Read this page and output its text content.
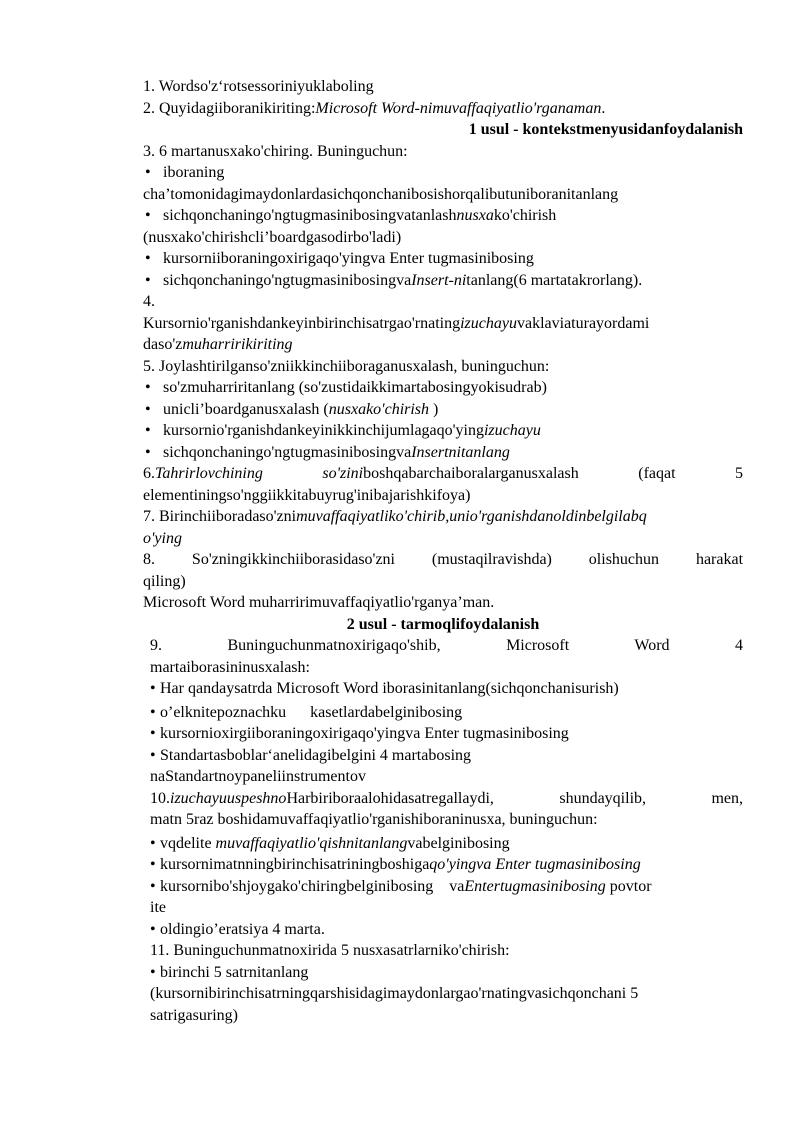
1. Wordso'z‘rotsessoriniyuklaboling

2. Quyidagiiboranikiriting:Microsoft Word-nimuvaffaqiyatlio'rganaman.

1 usul - kontekstmenyusidanfoydalanish

3. 6 martanusxako'chiring. Buninguchun:

• iboraning

cha’tomonidagimaydonlardasichqonchanibosishorqalibutuniboranitanlang

• sichqonchaningo'ngtugmasinibosingvatanlashnusxako'chirish

(nusxako'chirishcli’boardgasodirbo'ladi)

• kursorniiboraningoxirigaqo'yingva Enter tugmasinibosing
• sichqonchaningo'ngtugmasinibosingvaInsert-nitanlang(6 martatakrorlang).

4.

Kursornio'rganishdankeyinbirinchisatrgao'rnatingizuchayuvaklaviaturayordami

daso'zmuharririkiriting

5. Joylashtirilganso'zniikkinchiiboraganusxalash, buninguchun:

• so'zmuharriritanlang (so'zustidaikkimartabosingyokisudrab)
• unicli’boardganusxalash (nusxako'chirish )
• kursornio'rganishdankeyinikkinchijumlagaqo'yingizuchayu
• sichqonchaningo'ngtugmasinibosingvaInsertnitanlang

6.Tahrirlovchining	so'ziniboshqabarchaiboralarganusxalash	(faqat	5

elementiningso'nggiikkitabuyrug'inibajarishkifoya)

7. Birinchiiboradaso'znimuvaffaqiyatliko'chirib,unio'rganishdanoldinbelgilabq

o'ying

8. So'zningikkinchiiborasidaso'zni (mustaqilravishda) olishuchun harakat

qiling)

Microsoft Word muharririmuvaffaqiyatlio'rganya’man.

2 usul - tarmoqlifoydalanish

9. Buninguchunmatnoxirigaqo'shib,	Microsoft	Word	4

martaiborasininusxalash:

• Har qandaysatrda Microsoft Word iborasinitanlang(sichqonchanisurish)
• o’elknitepoznachku kasetlardabelginibosing
• kursornioxirgiiboraningoxirigaqo'yingva Enter tugmasinibosing
• Standartasboblar‘anelidagibelgini 4 martabosing

naStandartnoypaneliinstrumentov

10.izuchayuuspeshnoHarbiriboraalohidasatregallaydi,	shundayqilib,	men,

matn 5raz boshidamuvaffaqiyatlio'rganishiboraninusxa, buninguchun:

• vqdelite muvaffaqiyatlio'qishnitanlangvabelginibosing
• kursornimatnningbirinchisatriningboshigaqo'yingva Enter tugmasinibosing
• kursornibo'shjoygako'chiringbelginibosing vaEntertugmasinibosing povtor

ite

• oldingio’eratsiya 4 marta.

11. Buninguchunmatnoxirida 5 nusxasatrlarniko'chirish:

• birinchi 5 satrnitanlang

(kursornibirinchisatrningqarshisidagimaydonlargao'rnatingvasichqonchani 5

satrigasuring)
